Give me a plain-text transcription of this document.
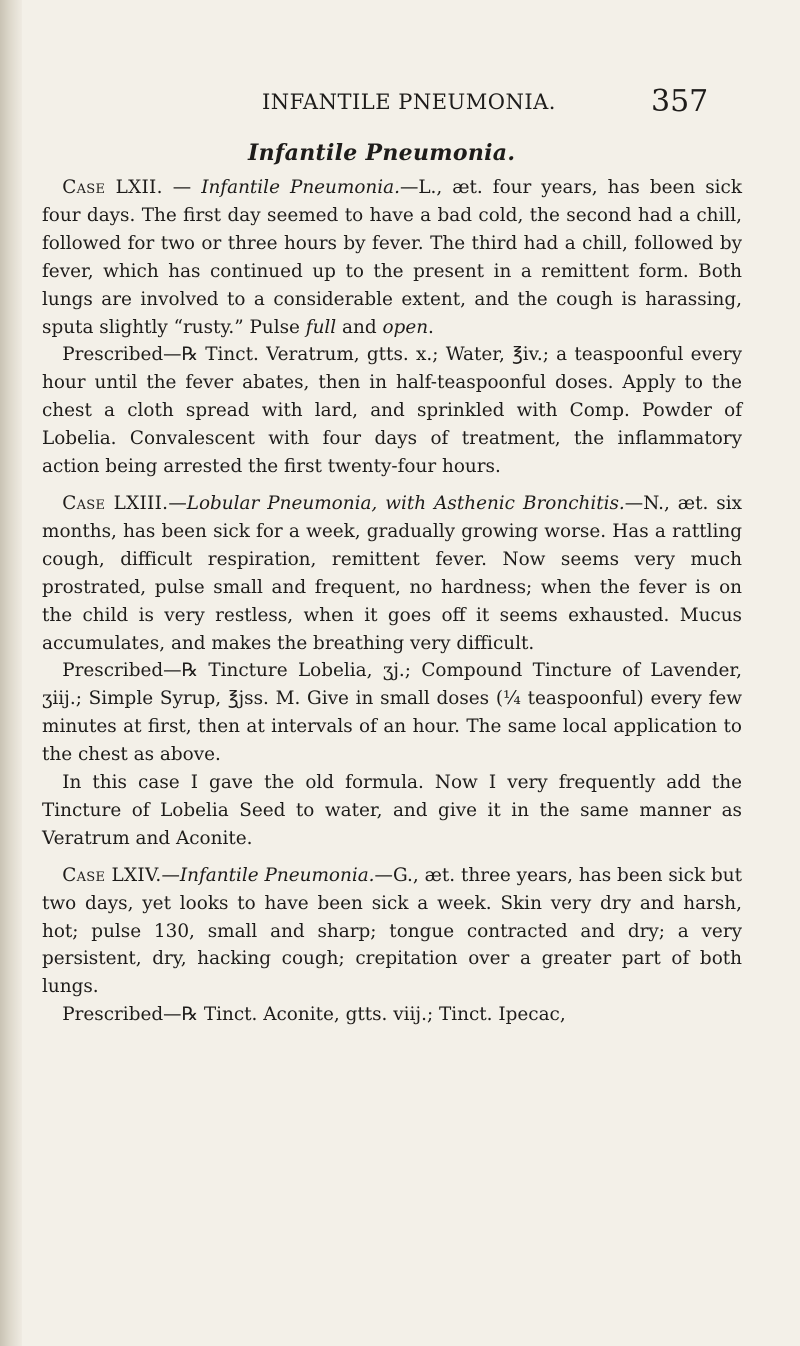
INFANTILE PNEUMONIA.	357
Infantile Pneumonia.

Case LXII. — Infantile Pneumonia.—L., æt. four years, has been sick four days. The first day seemed to have a bad cold, the second had a chill, followed for two or three hours by fever. The third had a chill, followed by fever, which has continued up to the present in a remittent form. Both lungs are involved to a considerable extent, and the cough is harassing, sputa slightly “rusty.” Pulse full and open.

Prescribed—℞ Tinct. Veratrum, gtts. x.; Water, ℥iv.; a teaspoonful every hour until the fever abates, then in half-teaspoonful doses. Apply to the chest a cloth spread with lard, and sprinkled with Comp. Powder of Lobelia. Convalescent with four days of treatment, the inflammatory action being arrested the first twenty-four hours.

Case LXIII.—Lobular Pneumonia, with Asthenic Bronchitis.—N., æt. six months, has been sick for a week, gradually growing worse. Has a rattling cough, difficult respiration, remittent fever. Now seems very much prostrated, pulse small and frequent, no hardness; when the fever is on the child is very restless, when it goes off it seems exhausted. Mucus accumulates, and makes the breathing very difficult.

Prescribed—℞ Tincture Lobelia, ʒj.; Compound Tincture of Lavender, ʒiij.; Simple Syrup, ℥jss. M. Give in small doses (¼ teaspoonful) every few minutes at first, then at intervals of an hour. The same local application to the chest as above.

In this case I gave the old formula. Now I very frequently add the Tincture of Lobelia Seed to water, and give it in the same manner as Veratrum and Aconite.

Case LXIV.—Infantile Pneumonia.—G., æt. three years, has been sick but two days, yet looks to have been sick a week. Skin very dry and harsh, hot; pulse 130, small and sharp; tongue contracted and dry; a very persistent, dry, hacking cough; crepitation over a greater part of both lungs.

Prescribed—℞ Tinct. Aconite, gtts. viij.; Tinct. Ipecac,
